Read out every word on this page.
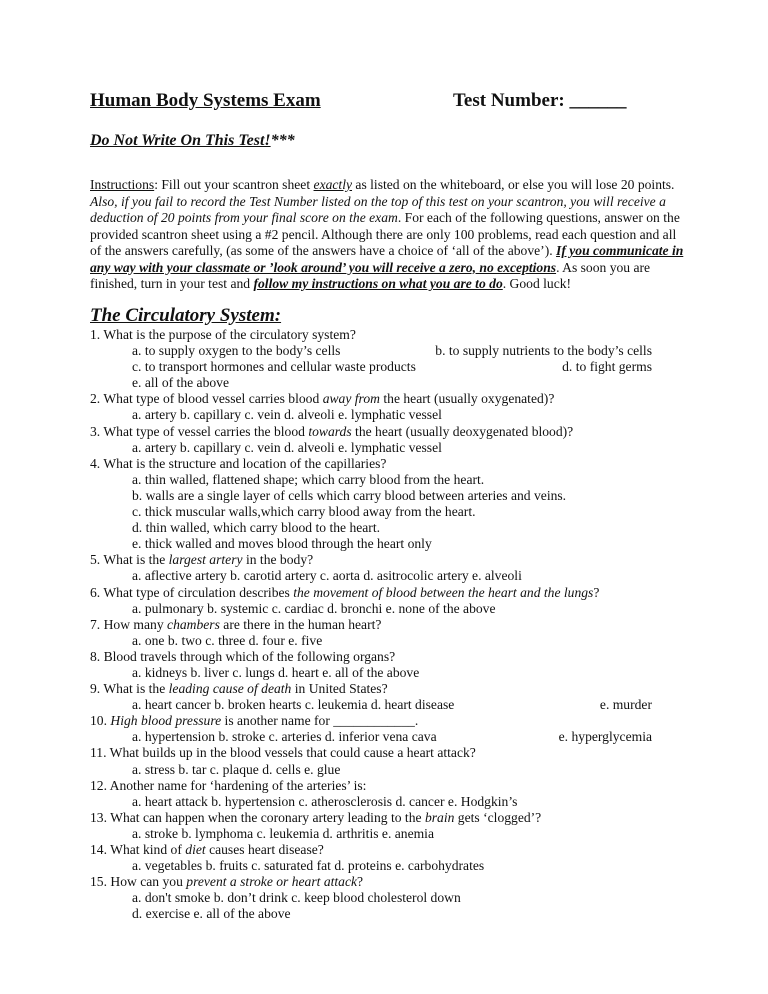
Human Body Systems Exam	Test Number: ______
Do Not Write On This Test!***
Instructions: Fill out your scantron sheet exactly as listed on the whiteboard, or else you will lose 20 points. Also, if you fail to record the Test Number listed on the top of this test on your scantron, you will receive a deduction of 20 points from your final score on the exam. For each of the following questions, answer on the provided scantron sheet using a #2 pencil. Although there are only 100 problems, read each question and all of the answers carefully, (as some of the answers have a choice of ‘all of the above’). If you communicate in any way with your classmate or ’look around’ you will receive a zero, no exceptions. As soon you are finished, turn in your test and follow my instructions on what you are to do. Good luck!
The Circulatory System:
1. What is the purpose of the circulatory system?
a. to supply oxygen to the body’s cells	b. to supply nutrients to the body’s cells
c. to transport hormones and cellular waste products	d. to fight germs
e. all of the above
2. What type of blood vessel carries blood away from the heart (usually oxygenated)?
a. artery b. capillary c. vein d. alveoli e. lymphatic vessel
3. What type of vessel carries the blood towards the heart (usually deoxygenated blood)?
a. artery b. capillary c. vein d. alveoli e. lymphatic vessel
4. What is the structure and location of the capillaries?
a. thin walled, flattened shape; which carry blood from the heart.
b. walls are a single layer of cells which carry blood between arteries and veins.
c. thick muscular walls,which carry blood away from the heart.
d. thin walled, which carry blood to the heart.
e. thick walled and moves blood through the heart only
5. What is the largest artery in the body?
a. aflective artery b. carotid artery c. aorta d. asitrocolic artery e. alveoli
6. What type of circulation describes the movement of blood between the heart and the lungs?
a. pulmonary b. systemic c. cardiac d. bronchi e. none of the above
7. How many chambers are there in the human heart?
a. one b. two c. three d. four e. five
8. Blood travels through which of the following organs?
a. kidneys b. liver c. lungs d. heart e. all of the above
9. What is the leading cause of death in United States?
a. heart cancer b. broken hearts c. leukemia d. heart disease	e. murder
10. High blood pressure is another name for ____________.
a. hypertension b. stroke c. arteries d. inferior vena cava	e. hyperglycemia
11. What builds up in the blood vessels that could cause a heart attack?
a. stress b. tar c. plaque d. cells e. glue
12. Another name for ‘hardening of the arteries’ is:
a. heart attack b. hypertension c. atherosclerosis d. cancer e. Hodgkin’s
13. What can happen when the coronary artery leading to the brain gets ‘clogged’?
a. stroke b. lymphoma c. leukemia d. arthritis e. anemia
14. What kind of diet causes heart disease?
a. vegetables b. fruits c. saturated fat d. proteins e. carbohydrates
15. How can you prevent a stroke or heart attack?
a. don't smoke b. don’t drink c. keep blood cholesterol down
d. exercise e. all of the above
